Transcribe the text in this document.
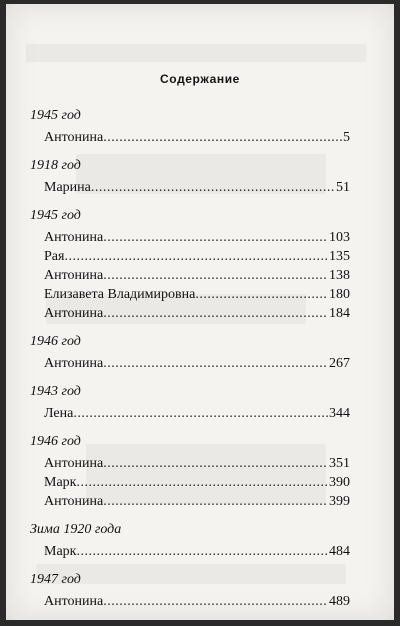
Содержание
1945 год
Антонина .....	5
1918 год
Марина .....	51
1945 год
Антонина .....	103
Рая .....	135
Антонина .....	138
Елизавета Владимировна .....	180
Антонина .....	184
1946 год
Антонина .....	267
1943 год
Лена .....	344
1946 год
Антонина .....	351
Марк .....	390
Антонина .....	399
Зима 1920 года
Марк .....	484
1947 год
Антонина .....	489
